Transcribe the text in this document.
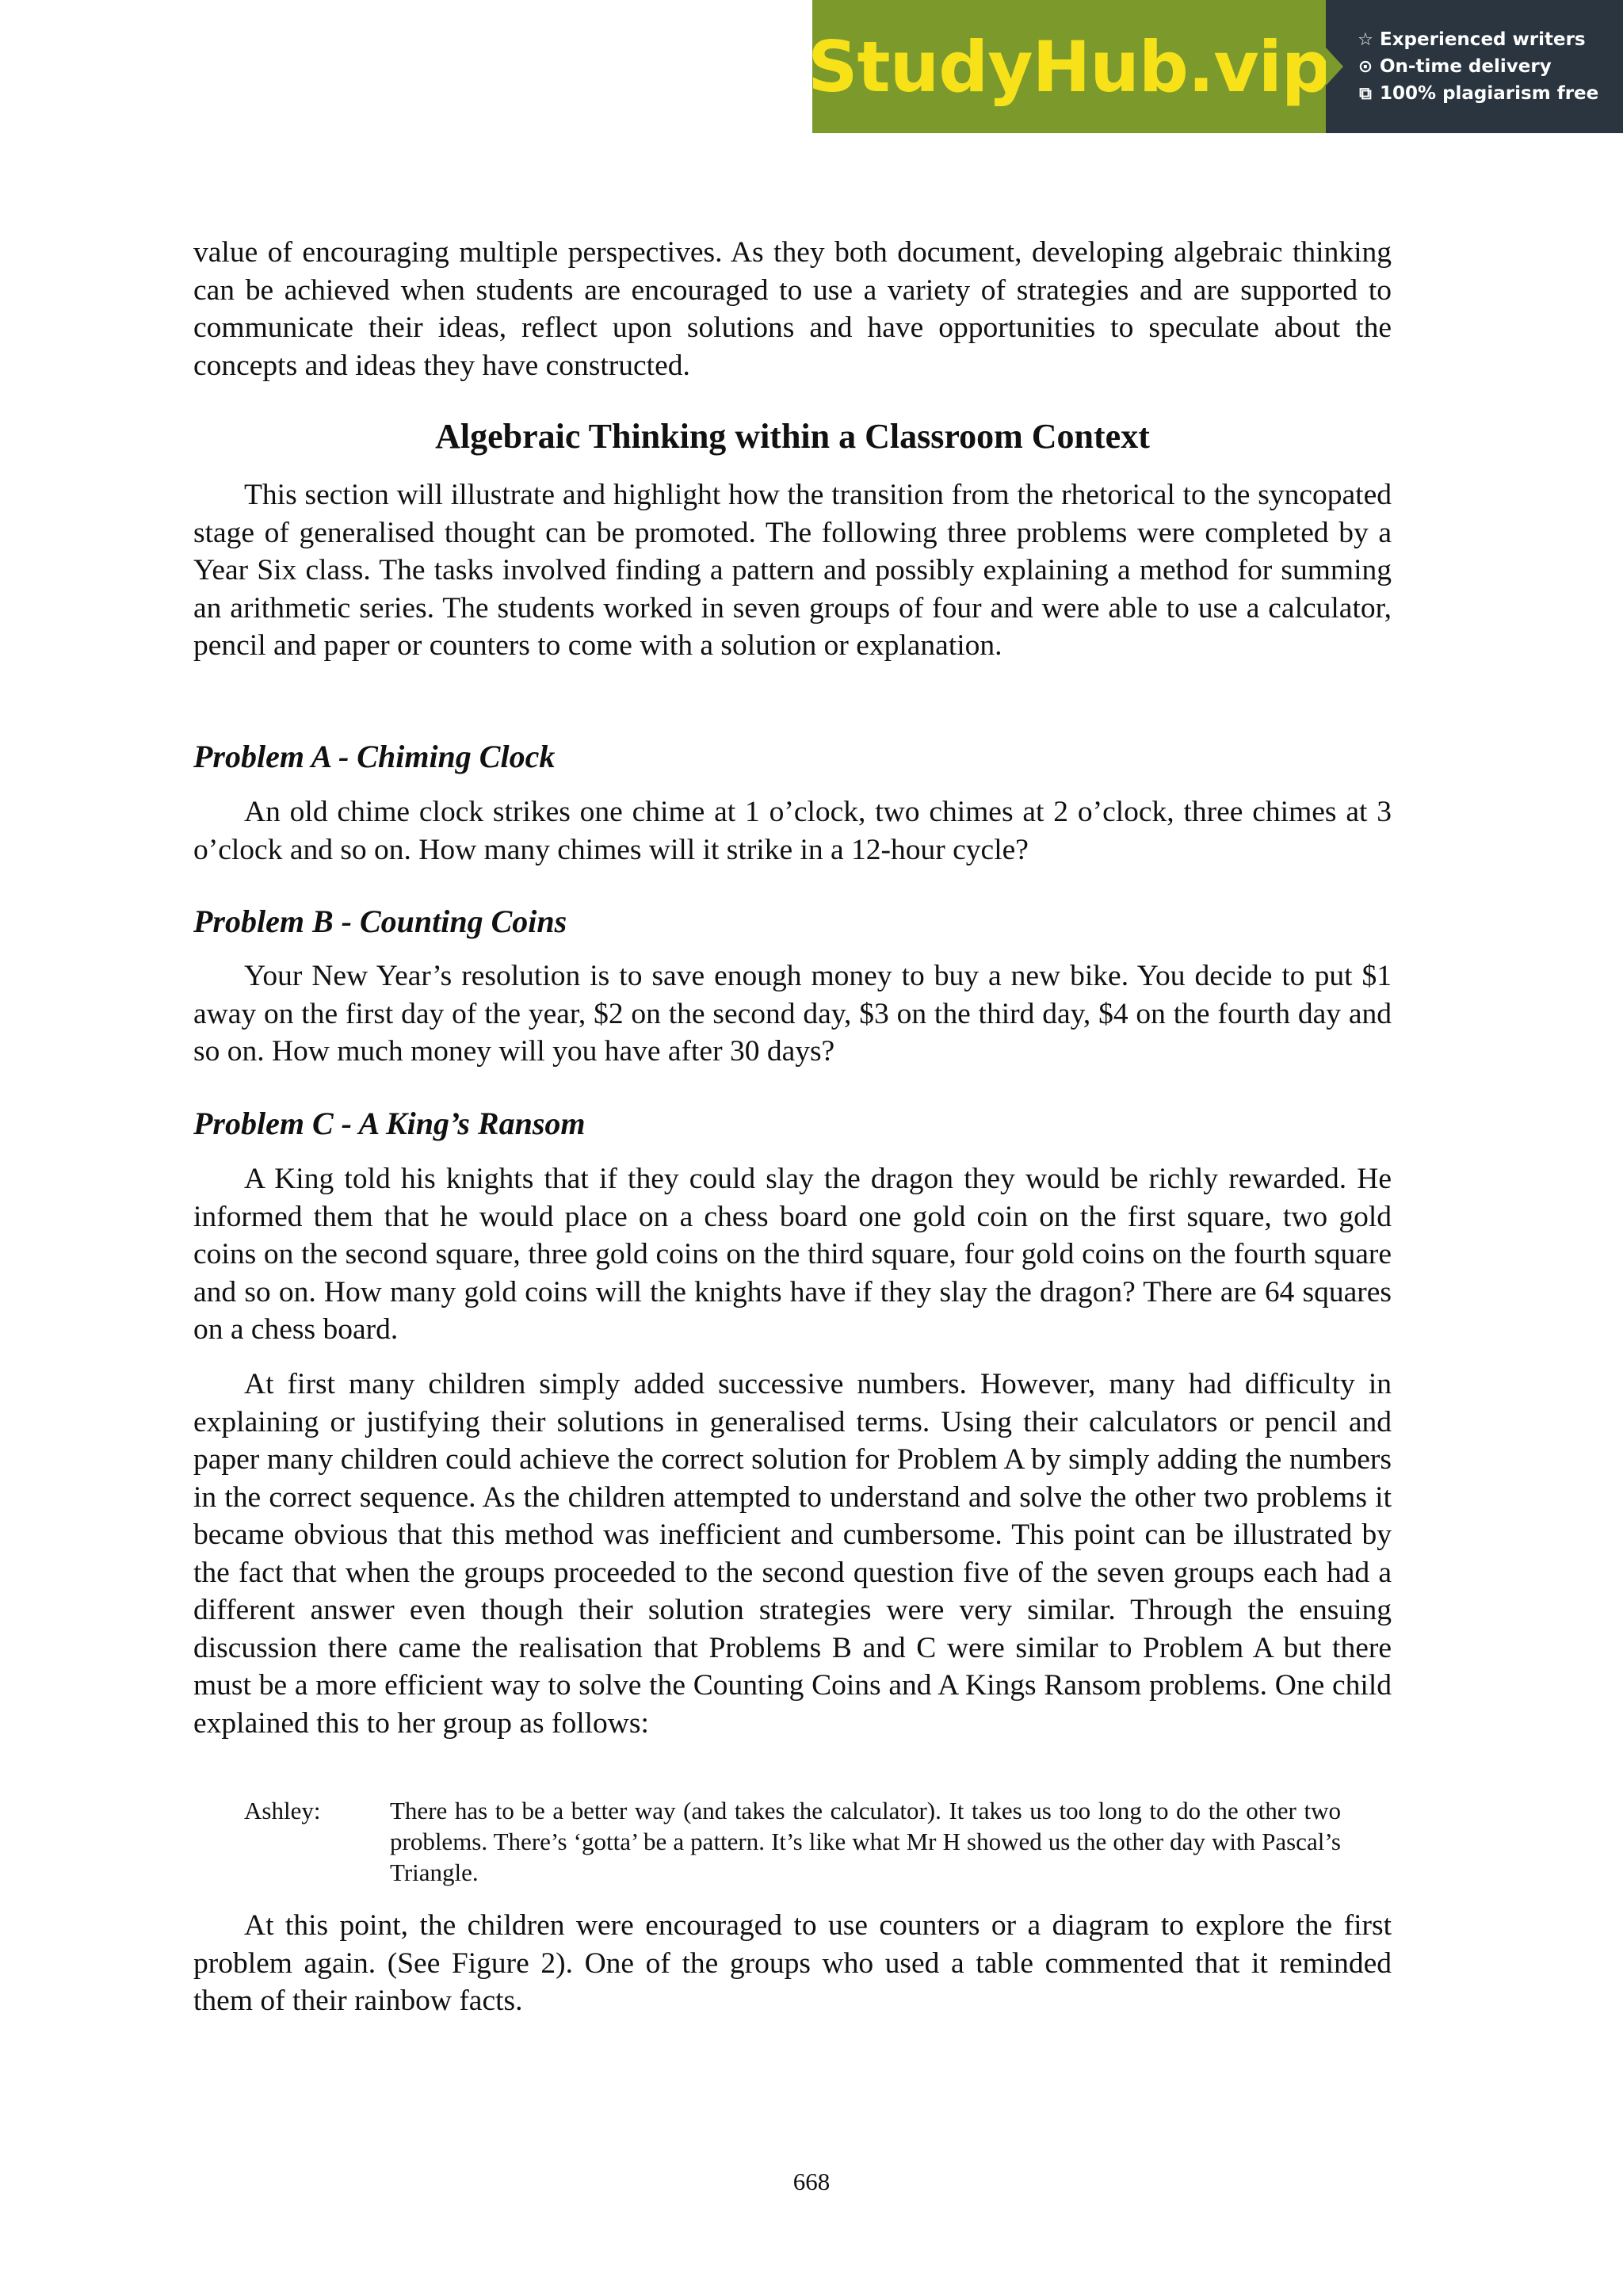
StudyHub.vip ☆ Experienced writers
⊙ On-time delivery
⧉ 100% plagiarism free

value of encouraging multiple perspectives. As they both document, developing algebraic thinking can be achieved when students are encouraged to use a variety of strategies and are supported to communicate their ideas, reflect upon solutions and have opportunities to speculate about the concepts and ideas they have constructed.

Algebraic Thinking within a Classroom Context

This section will illustrate and highlight how the transition from the rhetorical to the syncopated stage of generalised thought can be promoted. The following three problems were completed by a Year Six class. The tasks involved finding a pattern and possibly explaining a method for summing an arithmetic series. The students worked in seven groups of four and were able to use a calculator, pencil and paper or counters to come with a solution or explanation.

Problem A - Chiming Clock

An old chime clock strikes one chime at 1 o’clock, two chimes at 2 o’clock, three chimes at 3 o’clock and so on. How many chimes will it strike in a 12-hour cycle?

Problem B - Counting Coins

Your New Year’s resolution is to save enough money to buy a new bike. You decide to put $1 away on the first day of the year, $2 on the second day, $3 on the third day, $4 on the fourth day and so on. How much money will you have after 30 days?

Problem C - A King’s Ransom

A King told his knights that if they could slay the dragon they would be richly rewarded. He informed them that he would place on a chess board one gold coin on the first square, two gold coins on the second square, three gold coins on the third square, four gold coins on the fourth square and so on. How many gold coins will the knights have if they slay the dragon? There are 64 squares on a chess board.

At first many children simply added successive numbers. However, many had difficulty in explaining or justifying their solutions in generalised terms. Using their calculators or pencil and paper many children could achieve the correct solution for Problem A by simply adding the numbers in the correct sequence. As the children attempted to understand and solve the other two problems it became obvious that this method was inefficient and cumbersome. This point can be illustrated by the fact that when the groups proceeded to the second question five of the seven groups each had a different answer even though their solution strategies were very similar. Through the ensuing discussion there came the realisation that Problems B and C were similar to Problem A but there must be a more efficient way to solve the Counting Coins and A Kings Ransom problems. One child explained this to her group as follows:

Ashley:	There has to be a better way (and takes the calculator). It takes us too long to do the other two problems. There’s ‘gotta’ be a pattern. It’s like what Mr H showed us the other day with Pascal’s Triangle.

At this point, the children were encouraged to use counters or a diagram to explore the first problem again. (See Figure 2). One of the groups who used a table commented that it reminded them of their rainbow facts.

668
